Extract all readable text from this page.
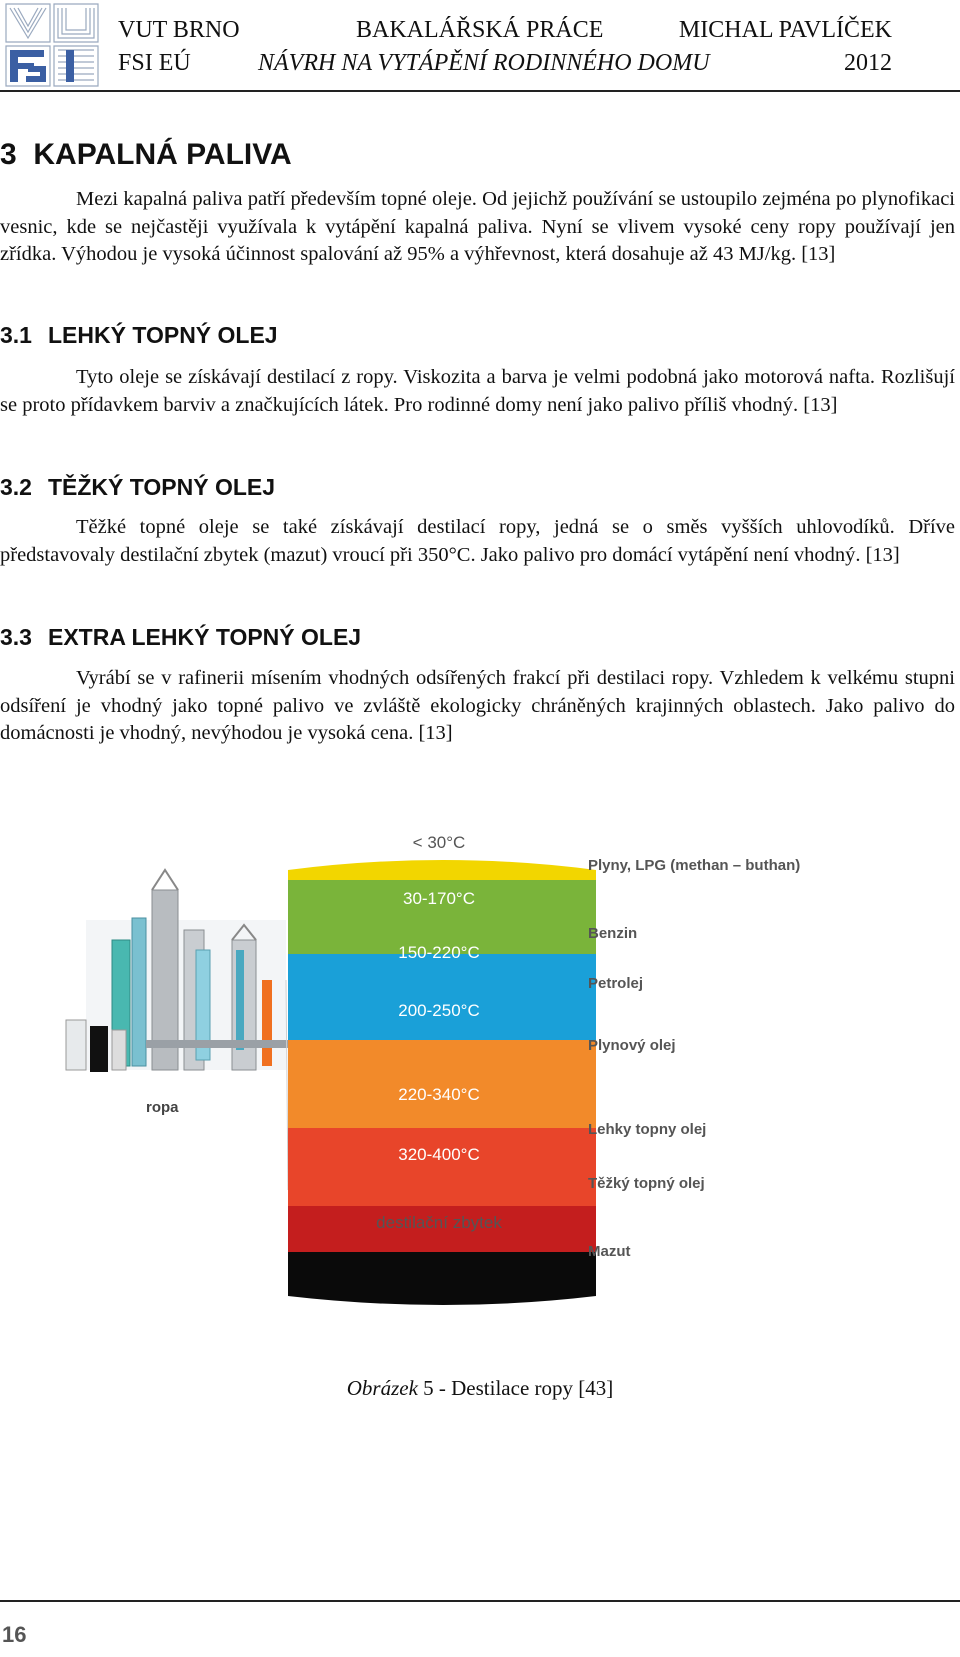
VUT BRNO
FSI EÚ
BAKALÁŘSKÁ PRÁCE
NÁVRH NA VYTÁPĚNÍ RODINNÉHO DOMU
MICHAL PAVLÍČEK
2012
3 KAPALNÁ PALIVA

Mezi kapalná paliva patří především topné oleje. Od jejichž používání se ustoupilo zejména po plynofikaci vesnic, kde se nejčastěji využívala k vytápění kapalná paliva. Nyní se vlivem vysoké ceny ropy používají jen zřídka. Výhodou je vysoká účinnost spalování až 95% a výhřevnost, která dosahuje až 43 MJ/kg. [13]

3.1 LEHKÝ TOPNÝ OLEJ

Tyto oleje se získávají destilací z ropy. Viskozita a barva je velmi podobná jako motorová nafta. Rozlišují se proto přídavkem barviv a značkujících látek. Pro rodinné domy není jako palivo příliš vhodný. [13]

3.2 TĚŽKÝ TOPNÝ OLEJ

Těžké topné oleje se také získávají destilací ropy, jedná se o směs vyšších uhlovodíků. Dříve představovaly destilační zbytek (mazut) vroucí při 350°C. Jako palivo pro domácí vytápění není vhodný. [13]

3.3 EXTRA LEHKÝ TOPNÝ OLEJ

Vyrábí se v rafinerii mísením vhodných odsířených frakcí při destilaci ropy. Vzhledem k velkému stupni odsíření je vhodný jako topné palivo ve zvláště ekologicky chráněných krajinných oblastech. Jako palivo do domácnosti je vhodný, nevýhodou je vysoká cena. [13]

ropa
< 30°C
30-170°C
150-220°C
200-250°C
220-340°C
320-400°C
destilační zbytek
Plyny, LPG (methan – buthan)
Benzin
Petrolej
Plynový olej
Lehky topny olej
Těžký topný olej
Mazut
Obrázek 5 - Destilace ropy [43]
16
